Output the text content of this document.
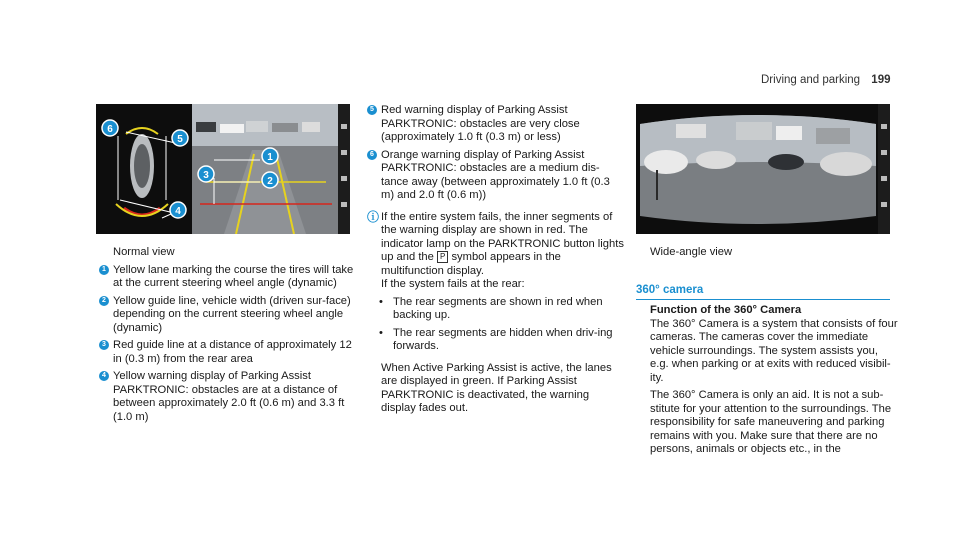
Driving and parking 199
6
5
1
3
2
4
Normal view
1 Yellow lane marking the course the tires will take at the current steering wheel angle (dynamic)
2 Yellow guide line, vehicle width (driven sur-face) depending on the current steering wheel angle (dynamic)
3 Red guide line at a distance of approximately 12 in (0.3 m) from the rear area
4 Yellow warning display of Parking Assist PARKTRONIC: obstacles are at a distance of between approximately 2.0 ft (0.6 m) and 3.3 ft (1.0 m)
5 Red warning display of Parking Assist PARKTRONIC: obstacles are very close (approximately 1.0 ft (0.3 m) or less)
6 Orange warning display of Parking Assist PARKTRONIC: obstacles are a medium dis-tance away (between approximately 1.0 ft (0.3 m) and 2.0 ft (0.6 m))
ⓘ If the entire system fails, the inner segments of the warning display are shown in red. The indicator lamp on the PARKTRONIC button lights up and the P symbol appears in the multifunction display.
If the system fails at the rear:
• The rear segments are shown in red when backing up.
• The rear segments are hidden when driv-ing forwards.
When Active Parking Assist is active, the lanes are displayed in green. If Parking Assist PARKTRONIC is deactivated, the warning display fades out.
Wide-angle view
360° camera
Function of the 360° Camera
The 360° Camera is a system that consists of four cameras. The cameras cover the immediate vehicle surroundings. The system assists you, e.g. when parking or at exits with reduced visibil-ity.
The 360° Camera is only an aid. It is not a sub-stitute for your attention to the surroundings. The responsibility for safe maneuvering and parking remains with you. Make sure that there are no persons, animals or objects etc., in the
